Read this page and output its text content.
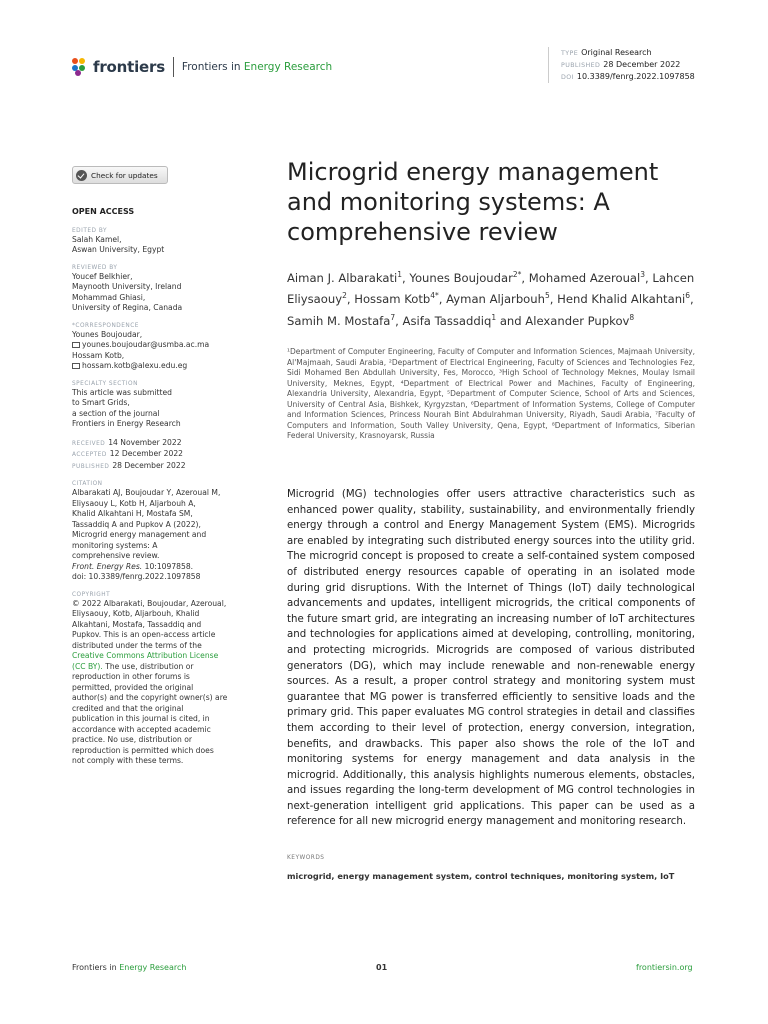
frontiers Frontiers in Energy Research
TYPE Original Research
PUBLISHED 28 December 2022
DOI 10.3389/fenrg.2022.1097858
Check for updates
OPEN ACCESS
EDITED BY
Salah Kamel,
Aswan University, Egypt
REVIEWED BY
Youcef Belkhier,
Maynooth University, Ireland
Mohammad Ghiasi,
University of Regina, Canada
*CORRESPONDENCE
Younes Boujoudar,
younes.boujoudar@usmba.ac.ma
Hossam Kotb,
hossam.kotb@alexu.edu.eg
SPECIALTY SECTION
This article was submitted
to Smart Grids,
a section of the journal
Frontiers in Energy Research
RECEIVED 14 November 2022
ACCEPTED 12 December 2022
PUBLISHED 28 December 2022
CITATION
Albarakati AJ, Boujoudar Y, Azeroual M,
Eliysaouy L, Kotb H, Aljarbouh A,
Khalid Alkahtani H, Mostafa SM,
Tassaddiq A and Pupkov A (2022),
Microgrid energy management and
monitoring systems: A
comprehensive review.
Front. Energy Res. 10:1097858.
doi: 10.3389/fenrg.2022.1097858
COPYRIGHT
© 2022 Albarakati, Boujoudar, Azeroual,
Eliysaouy, Kotb, Aljarbouh, Khalid
Alkahtani, Mostafa, Tassaddiq and
Pupkov. This is an open-access article
distributed under the terms of the
Creative Commons Attribution License
(CC BY). The use, distribution or
reproduction in other forums is
permitted, provided the original
author(s) and the copyright owner(s) are
credited and that the original
publication in this journal is cited, in
accordance with accepted academic
practice. No use, distribution or
reproduction is permitted which does
not comply with these terms.
Microgrid energy management and monitoring systems: A comprehensive review
Aiman J. Albarakati$^1$, Younes Boujoudar$^{2*}$, Mohamed Azeroual$^3$, Lahcen Eliysaouy$^2$, Hossam Kotb$^{4*}$, Ayman Aljarbouh$^5$, Hend Khalid Alkahtani$^6$, Samih M. Mostafa$^7$, Asifa Tassaddiq$^1$ and Alexander Pupkov$^8$
¹Department of Computer Engineering, Faculty of Computer and Information Sciences, Majmaah University, Al'Majmaah, Saudi Arabia, ²Department of Electrical Engineering, Faculty of Sciences and Technologies Fez, Sidi Mohamed Ben Abdullah University, Fes, Morocco, ³High School of Technology Meknes, Moulay Ismail University, Meknes, Egypt, ⁴Department of Electrical Power and Machines, Faculty of Engineering, Alexandria University, Alexandria, Egypt, ⁵Department of Computer Science, School of Arts and Sciences, University of Central Asia, Bishkek, Kyrgyzstan, ⁶Department of Information Systems, College of Computer and Information Sciences, Princess Nourah Bint Abdulrahman University, Riyadh, Saudi Arabia, ⁷Faculty of Computers and Information, South Valley University, Qena, Egypt, ⁸Department of Informatics, Siberian Federal University, Krasnoyarsk, Russia
Microgrid (MG) technologies offer users attractive characteristics such as enhanced power quality, stability, sustainability, and environmentally friendly energy through a control and Energy Management System (EMS). Microgrids are enabled by integrating such distributed energy sources into the utility grid. The microgrid concept is proposed to create a self-contained system composed of distributed energy resources capable of operating in an isolated mode during grid disruptions. With the Internet of Things (IoT) daily technological advancements and updates, intelligent microgrids, the critical components of the future smart grid, are integrating an increasing number of IoT architectures and technologies for applications aimed at developing, controlling, monitoring, and protecting microgrids. Microgrids are composed of various distributed generators (DG), which may include renewable and non-renewable energy sources. As a result, a proper control strategy and monitoring system must guarantee that MG power is transferred efficiently to sensitive loads and the primary grid. This paper evaluates MG control strategies in detail and classifies them according to their level of protection, energy conversion, integration, benefits, and drawbacks. This paper also shows the role of the IoT and monitoring systems for energy management and data analysis in the microgrid. Additionally, this analysis highlights numerous elements, obstacles, and issues regarding the long-term development of MG control technologies in next-generation intelligent grid applications. This paper can be used as a reference for all new microgrid energy management and monitoring research.
KEYWORDS
microgrid, energy management system, control techniques, monitoring system, IoT
Frontiers in Energy Research	01	frontiersin.org
